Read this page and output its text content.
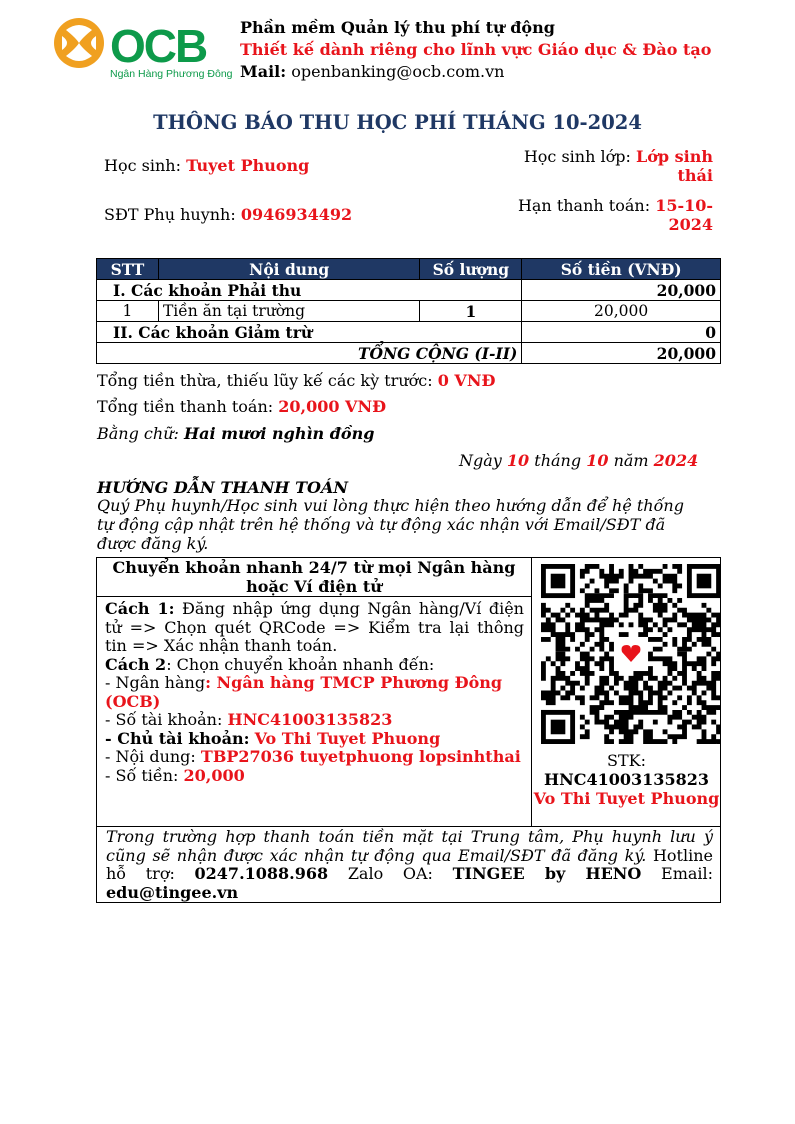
OCB
Ngân Hàng Phương Đông
Phần mềm Quản lý thu phí tự động
Thiết kế dành riêng cho lĩnh vực Giáo dục & Đào tạo
Mail: openbanking@ocb.com.vn
THÔNG BÁO THU HỌC PHÍ THÁNG 10-2024
Học sinh: Tuyet Phuong	Học sinh lớp: Lớp sinh
thái
SĐT Phụ huynh: 0946934492	Hạn thanh toán: 15-10-
2024
STT	Nội dung	Số lượng	Số tiền (VNĐ)
I. Các khoản Phải thu			20,000
1	Tiền ăn tại trường	1	20,000
II. Các khoản Giảm trừ			0
TỔNG CỘNG (I-II)			20,000
Tổng tiền thừa, thiếu lũy kế các kỳ trước: 0 VNĐ
Tổng tiền thanh toán: 20,000 VNĐ
Bằng chữ: Hai mươi nghìn đồng
Ngày 10 tháng 10 năm 2024
HƯỚNG DẪN THANH TOÁN
Quý Phụ huynh/Học sinh vui lòng thực hiện theo hướng dẫn để hệ thống tự động cập nhật trên hệ thống và tự động xác nhận với Email/SĐT đã được đăng ký.
Chuyển khoản nhanh 24/7 từ mọi Ngân hàng hoặc Ví điện tử
Cách 1: Đăng nhập ứng dụng Ngân hàng/Ví điện tử => Chọn quét QRCode => Kiểm tra lại thông tin => Xác nhận thanh toán.
Cách 2: Chọn chuyển khoản nhanh đến:
- Ngân hàng: Ngân hàng TMCP Phương Đông (OCB)
- Số tài khoản: HNC41003135823
- Chủ tài khoản: Vo Thi Tuyet Phuong
- Nội dung: TBP27036 tuyetphuong lopsinhthai
- Số tiền: 20,000
STK:
HNC41003135823
Vo Thi Tuyet Phuong
Trong trường hợp thanh toán tiền mặt tại Trung tâm, Phụ huynh lưu ý cũng sẽ nhận được xác nhận tự động qua Email/SĐT đã đăng ký. Hotline hỗ trợ: 0247.1088.968 Zalo OA: TINGEE by HENO Email: edu@tingee.vn
